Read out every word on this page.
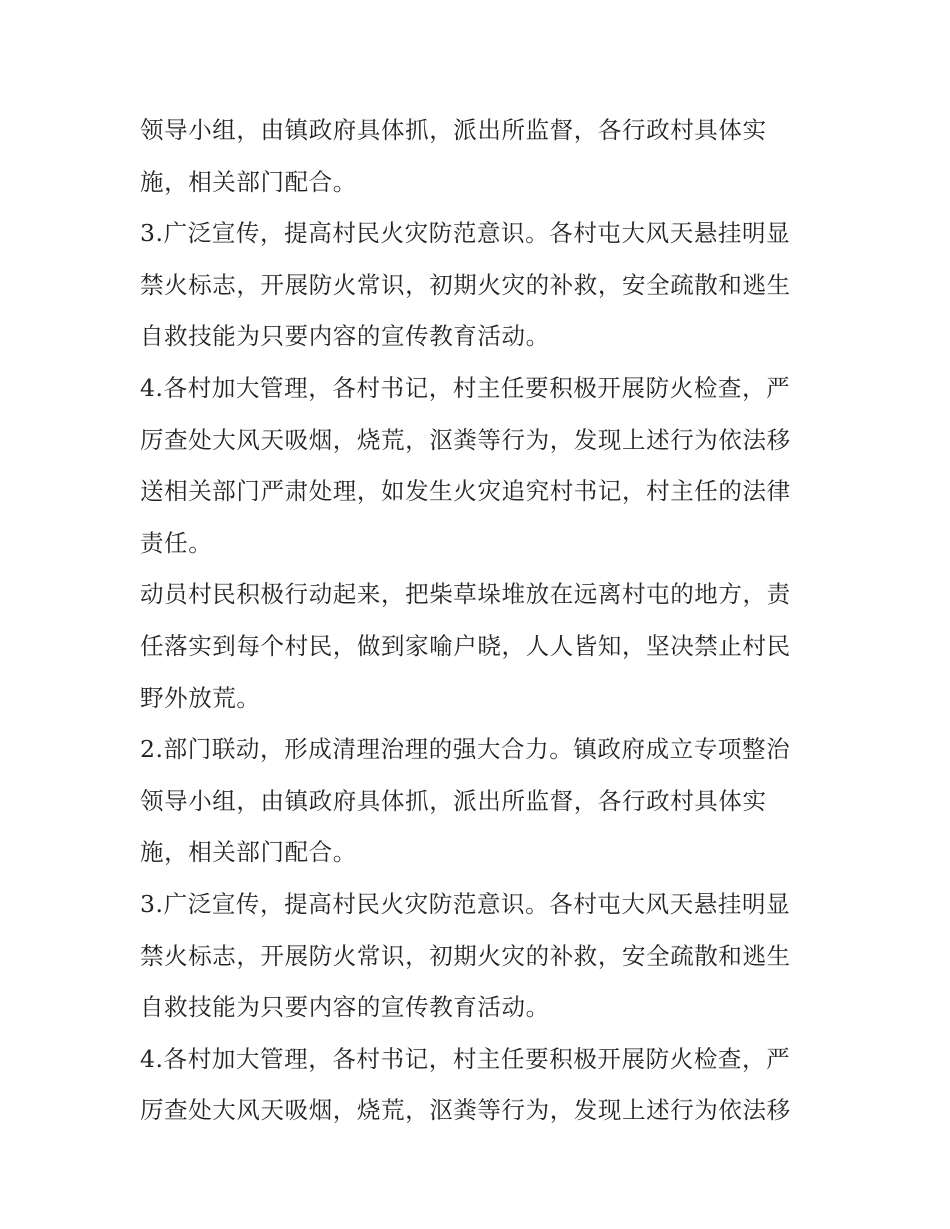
领导小组，由镇政府具体抓，派出所监督，各行政村具体实
施，相关部门配合。
3.广泛宣传，提高村民火灾防范意识。各村屯大风天悬挂明显
禁火标志，开展防火常识，初期火灾的补救，安全疏散和逃生
自救技能为只要内容的宣传教育活动。
4.各村加大管理，各村书记，村主任要积极开展防火检查，严
厉查处大风天吸烟，烧荒，沤粪等行为，发现上述行为依法移
送相关部门严肃处理，如发生火灾追究村书记，村主任的法律
责任。
动员村民积极行动起来，把柴草垛堆放在远离村屯的地方，责
任落实到每个村民，做到家喻户晓，人人皆知，坚决禁止村民
野外放荒。
2.部门联动，形成清理治理的强大合力。镇政府成立专项整治
领导小组，由镇政府具体抓，派出所监督，各行政村具体实
施，相关部门配合。
3.广泛宣传，提高村民火灾防范意识。各村屯大风天悬挂明显
禁火标志，开展防火常识，初期火灾的补救，安全疏散和逃生
自救技能为只要内容的宣传教育活动。
4.各村加大管理，各村书记，村主任要积极开展防火检查，严
厉查处大风天吸烟，烧荒，沤粪等行为，发现上述行为依法移
